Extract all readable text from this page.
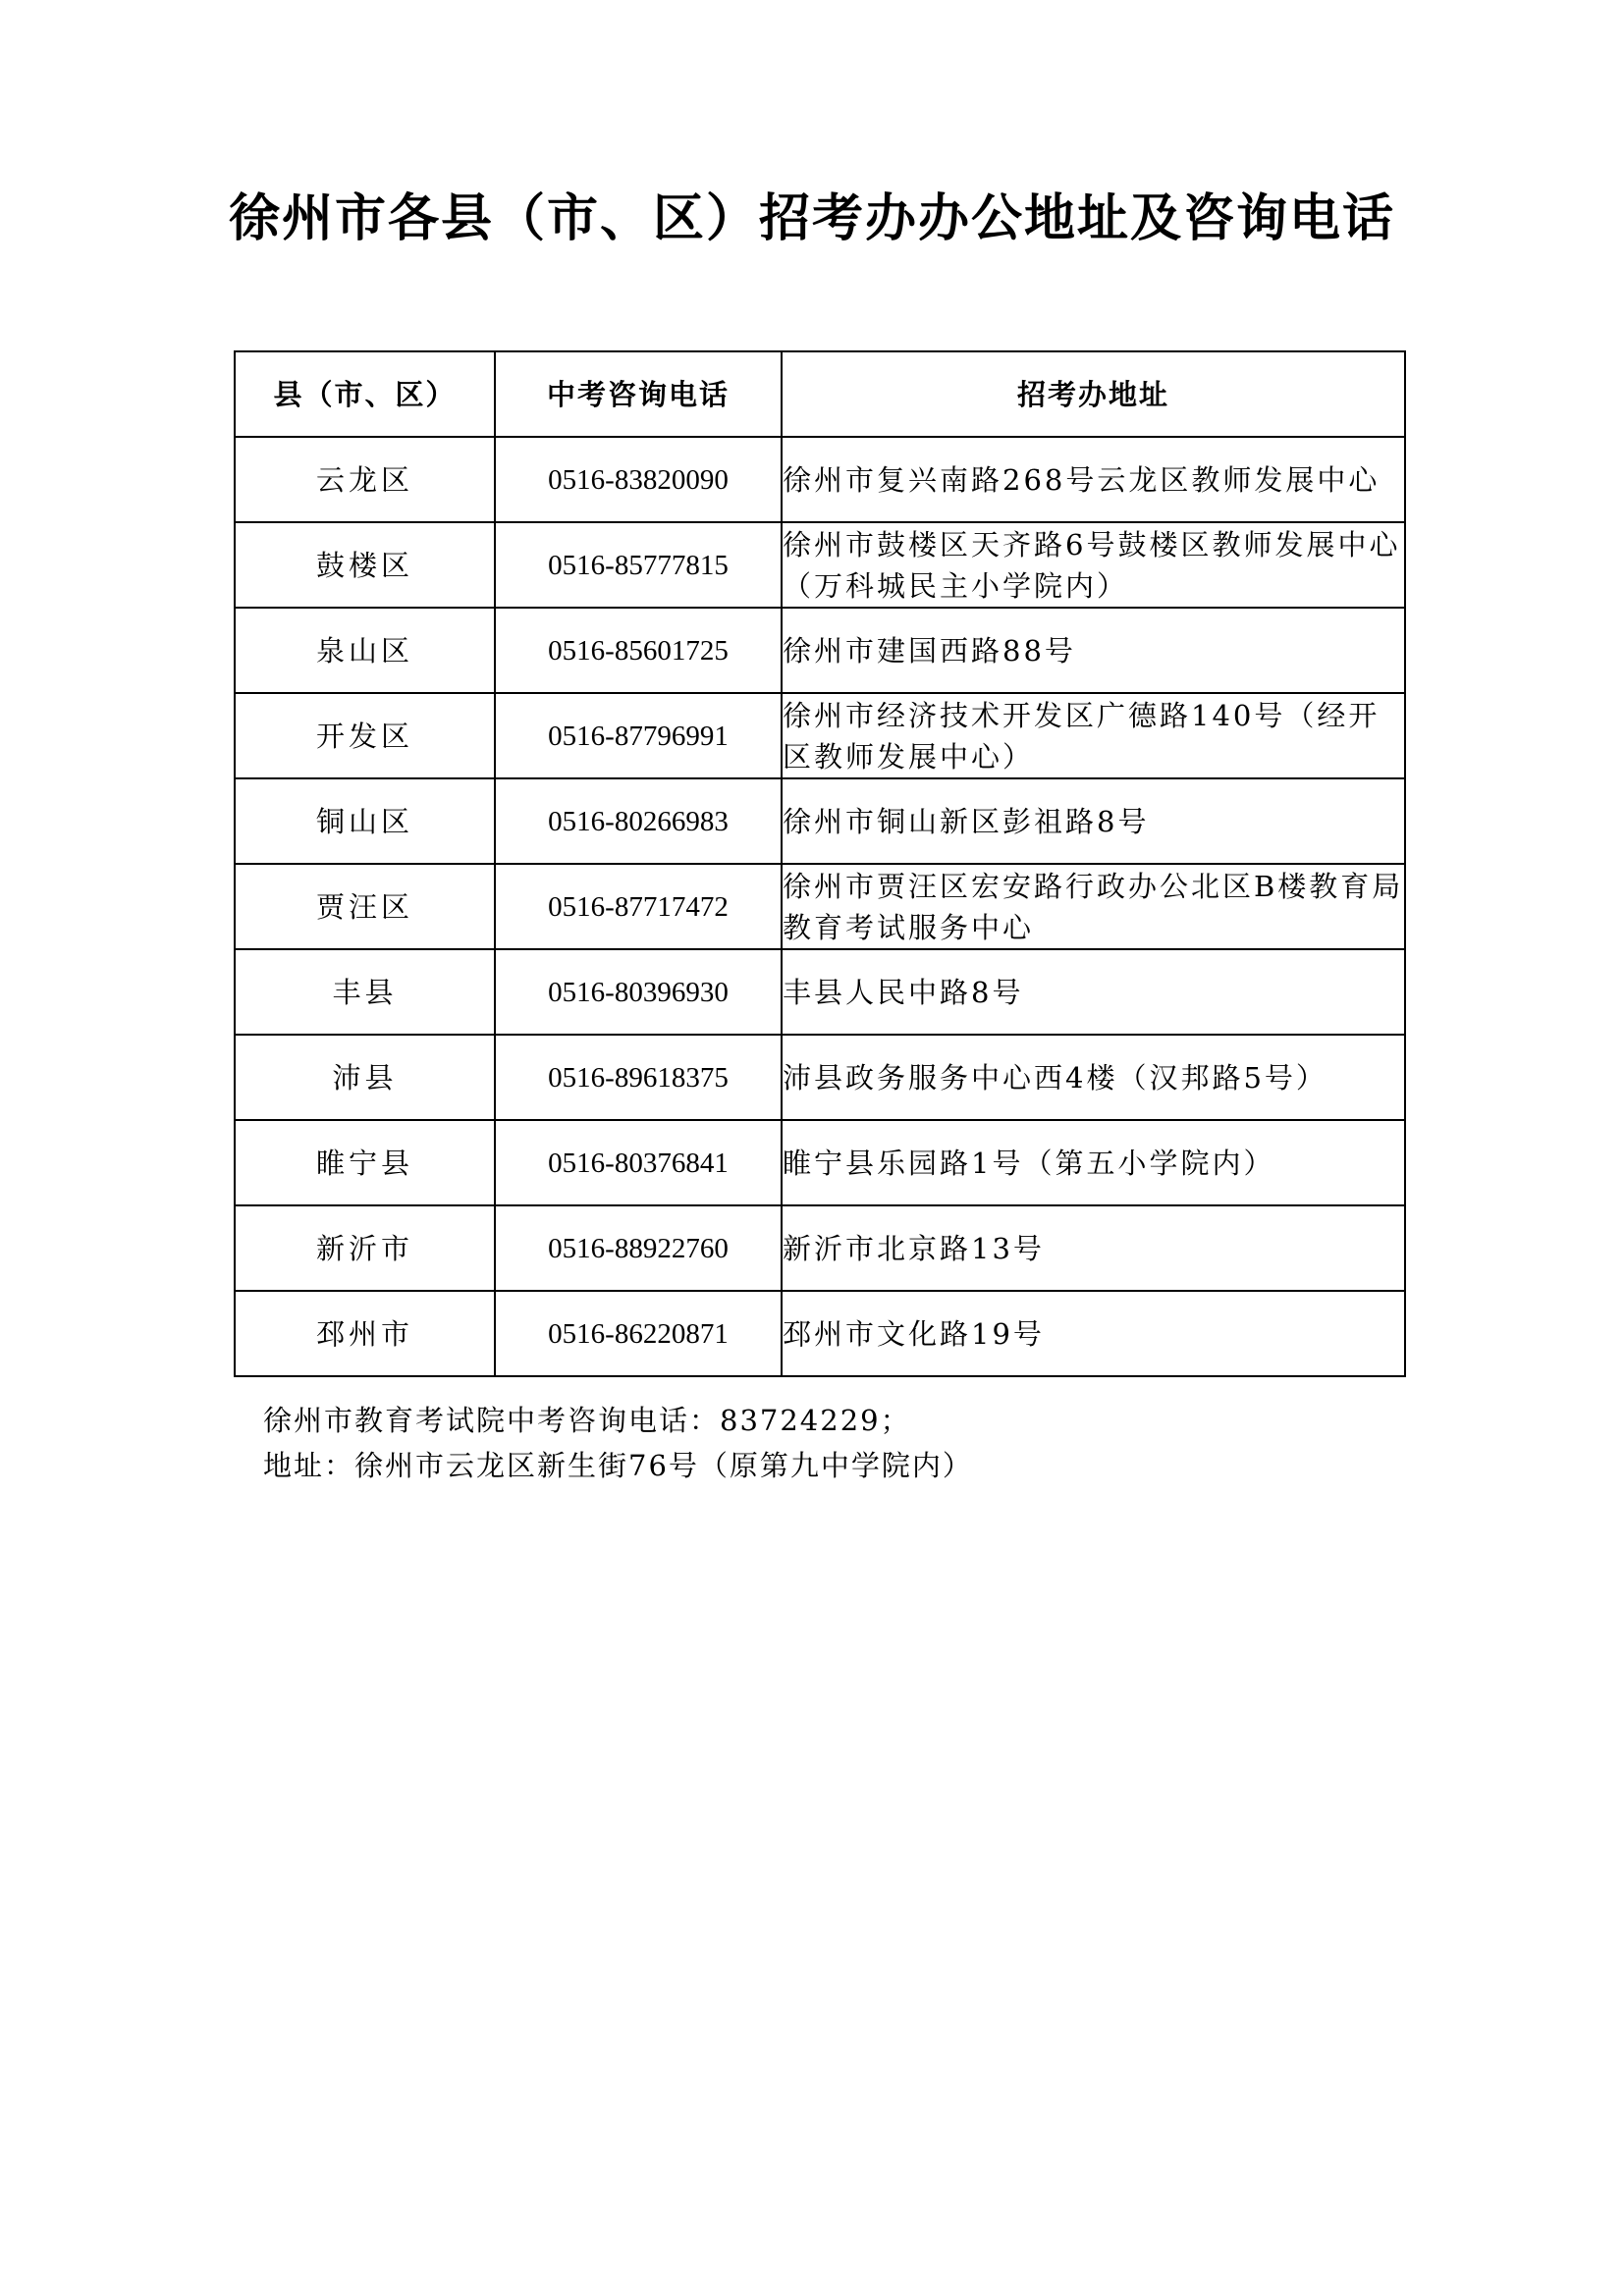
徐州市各县（市、区）招考办办公地址及咨询电话
县（市、区）	中考咨询电话	招考办地址
云龙区	0516-83820090	徐州市复兴南路268号云龙区教师发展中心
鼓楼区	0516-85777815	徐州市鼓楼区天齐路6号鼓楼区教师发展中心（万科城民主小学院内）
泉山区	0516-85601725	徐州市建国西路88号
开发区	0516-87796991	徐州市经济技术开发区广德路140号（经开区教师发展中心）
铜山区	0516-80266983	徐州市铜山新区彭祖路8号
贾汪区	0516-87717472	徐州市贾汪区宏安路行政办公北区B楼教育局教育考试服务中心
丰县	0516-80396930	丰县人民中路8号
沛县	0516-89618375	沛县政务服务中心西4楼（汉邦路5号）
睢宁县	0516-80376841	睢宁县乐园路1号（第五小学院内）
新沂市	0516-88922760	新沂市北京路13号
邳州市	0516-86220871	邳州市文化路19号
徐州市教育考试院中考咨询电话：83724229；
地址：徐州市云龙区新生街76号（原第九中学院内）
